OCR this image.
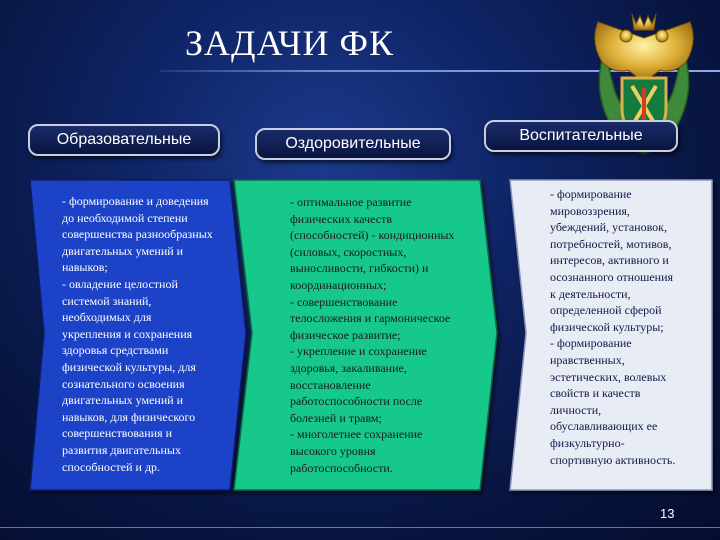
ЗАДАЧИ ФК
Образовательные	Оздоровительные	Воспитательные
- формирование и доведения
до необходимой степени
совершенства разнообразных
двигательных умений и
навыков;
- овладение целостной
системой знаний,
необходимых для
укрепления и сохранения
здоровья средствами
физической культуры, для
сознательного освоения
двигательных умений и
навыков, для физического
совершенствования и
развития двигательных
способностей и др.
- оптимальное развитие
физических качеств
(способностей) - кондиционных
(силовых, скоростных,
выносливости, гибкости) и
координационных;
- совершенствование
телосложения и гармоническое
физическое развитие;
- укрепление и сохранение
здоровья, закаливание,
восстановление
работоспособности после
болезней и травм;
- многолетнее сохранение
высокого уровня
работоспособности.
- формирование
мировоззрения,
убеждений, установок,
потребностей, мотивов,
интересов, активного и
осознанного отношения
к деятельности,
определенной сферой
физической культуры;
- формирование
нравственных,
эстетических, волевых
свойств и качеств
личности,
обуславливающих ее
физкультурно-
спортивную активность.
13
